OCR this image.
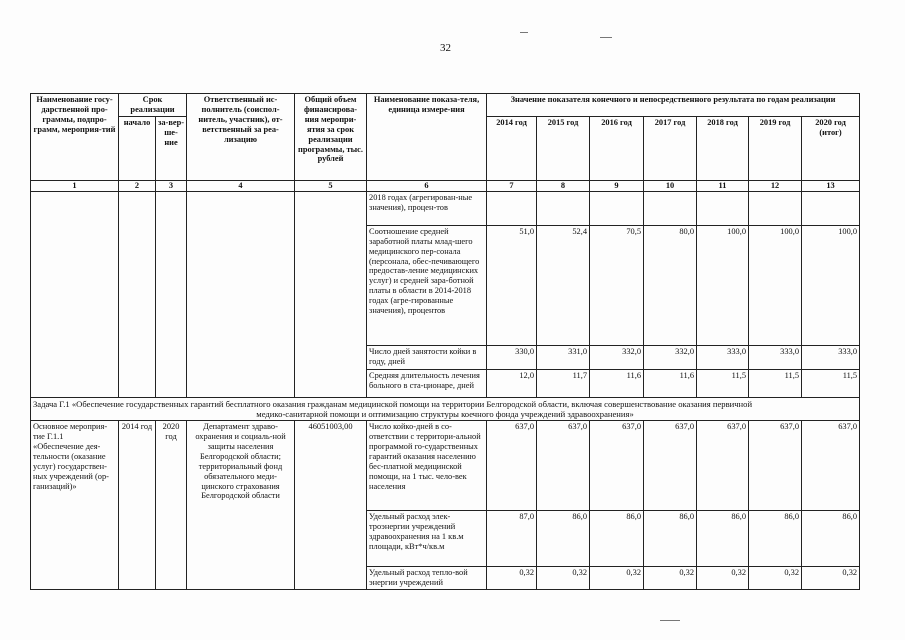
32
Наименование госу-дарственной про-граммы, подпро-грамм, мероприя-тий	Срок реализации		Ответственный ис-полнитель (соиспол-нитель, участник), от-ветственный за реа-лизацию	Общий объем финансирова-ния меропри-ятия за срок реализации программы, тыс. рублей	Наименование показа-теля, единица измере-ния	Значение показателя конечного и непосредственного результата по годам реализации						
	начало	за-вер-ше-ние				2014 год	2015 год	2016 год	2017 год	2018 год	2019 год	2020 год (итог)
1	2	3	4	5	6	7	8	9	10	11	12	13
					2018 годах (агрегирован-ные значения), процен-тов							
					Соотношение средней заработной платы млад-шего медицинского пер-сонала (персонала, обес-печивающего предостав-ление медицинских услуг) и средней зара-ботной платы в области в 2014-2018 годах (агре-гированные значения), процентов	51,0	52,4	70,5	80,0	100,0	100,0	100,0
					Число дней занятости койки в году, дней	330,0	331,0	332,0	332,0	333,0	333,0	333,0
					Средняя длительность лечения больного в ста-ционаре, дней	12,0	11,7	11,6	11,6	11,5	11,5	11,5

Задача Г.1 «Обеспечение государственных гарантий бесплатного оказания гражданам медицинской помощи на территории Белгородской области, включая совершенствование оказания первичной
медико-санитарной помощи и оптимизацию структуры коечного фонда учреждений здравоохранения»												

Основное мероприя-тие Г.1.1 «Обеспечение дея-тельности (оказание услуг) государствен-ных учреждений (ор-ганизаций)»	2014 год	2020 год	Департамент здраво-охранения и социаль-ной защиты населения Белгородской области; территориальный фонд обязательного меди-цинского страхования Белгородской области	46051003,00	Число койко-дней в со-ответствии с территори-альной программой го-сударственных гарантий оказания населению бес-платной медицинской помощи, на 1 тыс. чело-век населения	637,0	637,0	637,0	637,0	637,0	637,0	637,0
					Удельный расход элек-троэнергии учреждений здравоохранения на 1 кв.м площади, кВт*ч/кв.м	87,0	86,0	86,0	86,0	86,0	86,0	86,0
					Удельный расход тепло-вой энергии учреждений	0,32	0,32	0,32	0,32	0,32	0,32	0,32
